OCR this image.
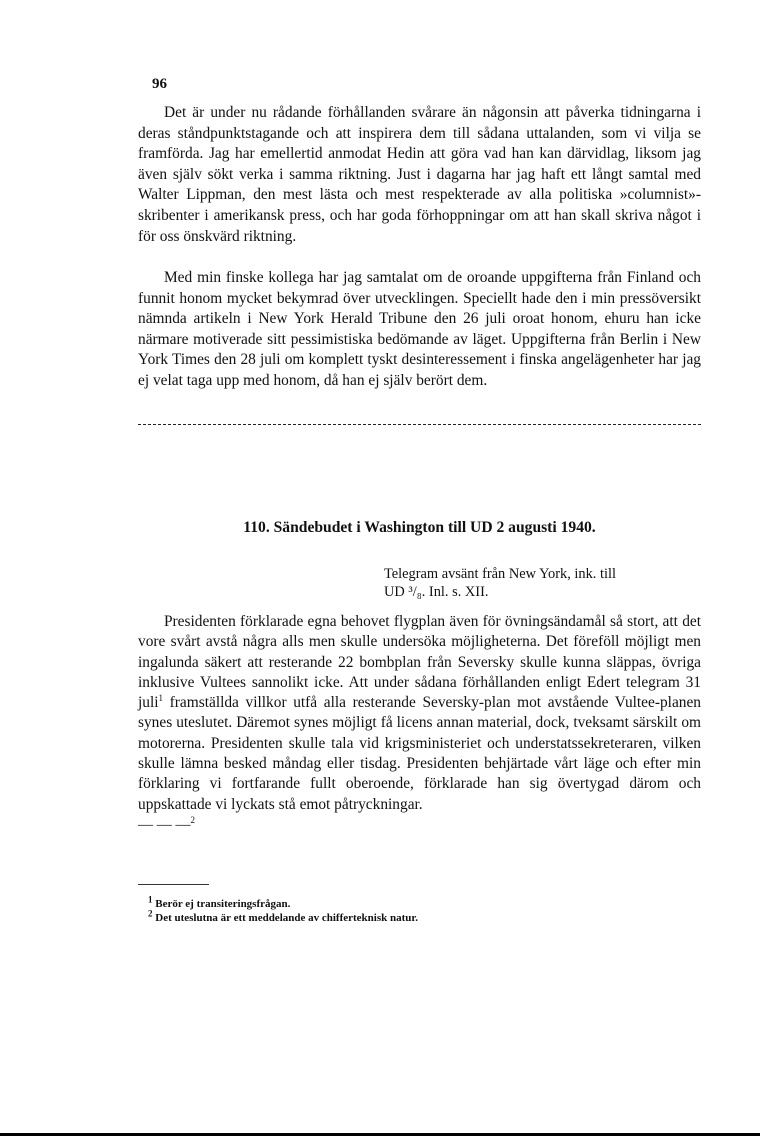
96

Det är under nu rådande förhållanden svårare än någonsin att påverka tidningarna i deras ståndpunktstagande och att inspirera dem till sådana uttalanden, som vi vilja se framförda. Jag har emellertid anmodat Hedin att göra vad han kan därvidlag, liksom jag även själv sökt verka i samma riktning. Just i dagarna har jag haft ett långt samtal med Walter Lippman, den mest lästa och mest respekterade av alla politiska »columnist»-skribenter i amerikansk press, och har goda förhoppningar om att han skall skriva något i för oss önskvärd riktning.

Med min finske kollega har jag samtalat om de oroande uppgifterna från Finland och funnit honom mycket bekymrad över utvecklingen. Speciellt hade den i min pressöversikt nämnda artikeln i New York Herald Tribune den 26 juli oroat honom, ehuru han icke närmare motiverade sitt pessimistiska bedömande av läget. Uppgifterna från Berlin i New York Times den 28 juli om komplett tyskt desinteressement i finska angelägenheter har jag ej velat taga upp med honom, då han ej själv berört dem.

110. Sändebudet i Washington till UD 2 augusti 1940.

Telegram avsänt från New York, ink. till
UD ³/₈. Inl. s. XII.

Presidenten förklarade egna behovet flygplan även för övningsändamål så stort, att det vore svårt avstå några alls men skulle undersöka möjligheterna. Det föreföll möjligt men ingalunda säkert att resterande 22 bombplan från Seversky skulle kunna släppas, övriga inklusive Vultees sannolikt icke. Att under sådana förhållanden enligt Edert telegram 31 juli$^1$ framställda villkor utfå alla resterande Seversky-plan mot avstående Vultee-planen synes uteslutet. Däremot synes möjligt få licens annan material, dock, tveksamt särskilt om motorerna. Presidenten skulle tala vid krigsministeriet och understatssekreteraren, vilken skulle lämna besked måndag eller tisdag. Presidenten behjärtade vårt läge och efter min förklaring vi fortfarande fullt oberoende, förklarade han sig övertygad därom och uppskattade vi lyckats stå emot påtryckningar.
— — —$^2$

$^1$ Berör ej transiteringsfrågan.
$^2$ Det uteslutna är ett meddelande av chifferteknisk natur.
